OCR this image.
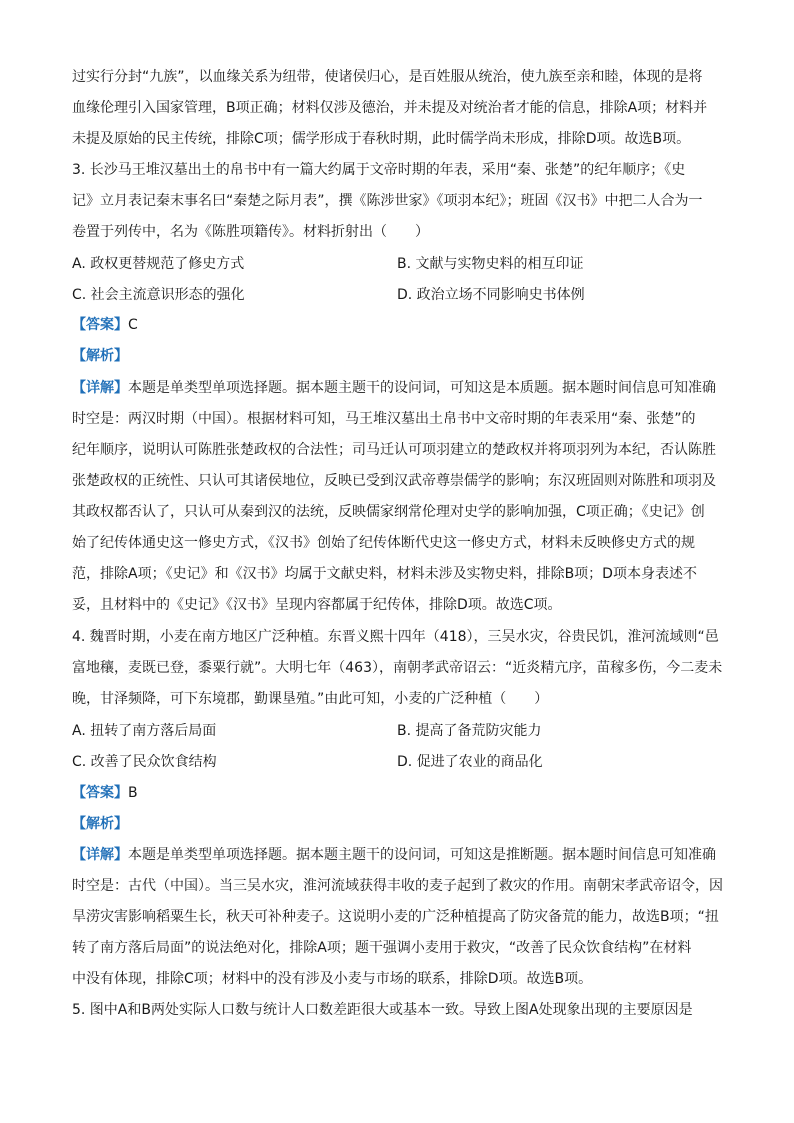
过实行分封“九族”，以血缘关系为纽带，使诸侯归心，是百姓服从统治，使九族至亲和睦，体现的是将
血缘伦理引入国家管理，B项正确；材料仅涉及德治，并未提及对统治者才能的信息，排除A项；材料并
未提及原始的民主传统，排除C项；儒学形成于春秋时期，此时儒学尚未形成，排除D项。故选B项。
3. 长沙马王堆汉墓出土的帛书中有一篇大约属于文帝时期的年表，采用“秦、张楚”的纪年顺序；《史
记》立月表记秦末事名曰“秦楚之际月表”，撰《陈涉世家》《项羽本纪》；班固《汉书》中把二人合为一
卷置于列传中，名为《陈胜项籍传》。材料折射出（　　）
A. 政权更替规范了修史方式	B. 文献与实物史料的相互印证
C. 社会主流意识形态的强化	D. 政治立场不同影响史书体例
【答案】C
【解析】
【详解】本题是单类型单项选择题。据本题主题干的设问词，可知这是本质题。据本题时间信息可知准确
时空是：两汉时期（中国）。根据材料可知，马王堆汉墓出土帛书中文帝时期的年表采用“秦、张楚”的
纪年顺序，说明认可陈胜张楚政权的合法性；司马迁认可项羽建立的楚政权并将项羽列为本纪，否认陈胜
张楚政权的正统性、只认可其诸侯地位，反映已受到汉武帝尊崇儒学的影响；东汉班固则对陈胜和项羽及
其政权都否认了，只认可从秦到汉的法统，反映儒家纲常伦理对史学的影响加强，C项正确；《史记》创
始了纪传体通史这一修史方式，《汉书》创始了纪传体断代史这一修史方式，材料未反映修史方式的规
范，排除A项；《史记》和《汉书》均属于文献史料，材料未涉及实物史料，排除B项；D项本身表述不
妥，且材料中的《史记》《汉书》呈现内容都属于纪传体，排除D项。故选C项。
4. 魏晋时期，小麦在南方地区广泛种植。东晋义熙十四年（418），三吴水灾，谷贵民饥，淮河流域则“邑
富地穰，麦既已登，黍粟行就”。大明七年（463），南朝孝武帝诏云：“近炎精亢序，苗稼多伤，今二麦未
晚，甘泽频降，可下东境郡，勤课垦殖。”由此可知，小麦的广泛种植（　　）
A. 扭转了南方落后局面	B. 提高了备荒防灾能力
C. 改善了民众饮食结构	D. 促进了农业的商品化
【答案】B
【解析】
【详解】本题是单类型单项选择题。据本题主题干的设问词，可知这是推断题。据本题时间信息可知准确
时空是：古代（中国）。当三吴水灾，淮河流域获得丰收的麦子起到了救灾的作用。南朝宋孝武帝诏令，因
旱涝灾害影响稻粟生长，秋天可补种麦子。这说明小麦的广泛种植提高了防灾备荒的能力，故选B项；“扭
转了南方落后局面”的说法绝对化，排除A项；题干强调小麦用于救灾，“改善了民众饮食结构”在材料
中没有体现，排除C项；材料中的没有涉及小麦与市场的联系，排除D项。故选B项。
5. 图中A和B两处实际人口数与统计人口数差距很大或基本一致。导致上图A处现象出现的主要原因是
